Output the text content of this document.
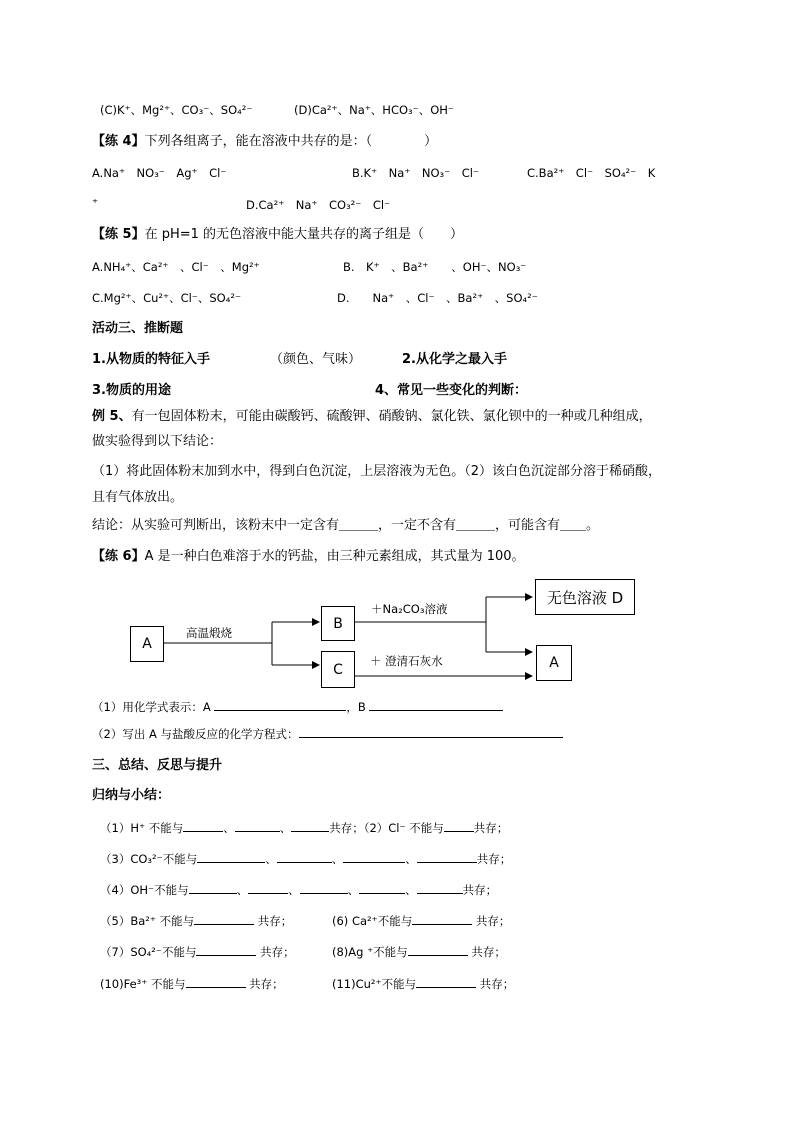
(C)K⁺、Mg²⁺、CO₃⁻、SO₄²⁻	(D)Ca²⁺、Na⁺、HCO₃⁻、OH⁻
【练 4】下列各组离子，能在溶液中共存的是：（　　　　）
A.Na⁺　NO₃⁻　Ag⁺　Cl⁻	B.K⁺　Na⁺　NO₃⁻　Cl⁻	C.Ba²⁺　Cl⁻　SO₄²⁻　K
⁺	D.Ca²⁺　Na⁺　CO₃²⁻　Cl⁻
【练 5】在 pH=1 的无色溶液中能大量共存的离子组是（　　）
A.NH₄⁺、Ca²⁺　、Cl⁻　、Mg²⁺	B.　K⁺　、Ba²⁺　　、OH⁻、NO₃⁻
C.Mg²⁺、Cu²⁺、Cl⁻、SO₄²⁻	D.　　Na⁺　、Cl⁻　、Ba²⁺　、SO₄²⁻
活动三、推断题
1.从物质的特征入手	（颜色、气味）	2.从化学之最入手
3.物质的用途	4、常见一些变化的判断：
例 5、有一包固体粉末，可能由碳酸钙、硫酸钾、硝酸钠、氯化铁、氯化钡中的一种或几种组成，
做实验得到以下结论：
（1）将此固体粉末加到水中，得到白色沉淀，上层溶液为无色。（2）该白色沉淀部分溶于稀硝酸，
且有气体放出。
结论：从实验可判断出，该粉末中一定含有＿＿＿，一定不含有＿＿＿，可能含有＿＿。
【练 6】A 是一种白色难溶于水的钙盐，由三种元素组成，其式量为 100。
A
B
C
无色溶液 D
A
高温煅烧
＋Na₂CO₃溶液
＋ 澄清石灰水
（1）用化学式表示：A	，B
（2）写出 A 与盐酸反应的化学方程式：
三、总结、反思与提升
归纳与小结：
（1）H⁺ 不能与	、	、	共存；（2）Cl⁻ 不能与	共存；
（3）CO₃²⁻不能与	、	、	、	共存；
（4）OH⁻不能与	、	、	、	、	共存；
（5）Ba²⁺ 不能与	共存；	(6) Ca²⁺不能与	共存；
（7）SO₄²⁻不能与	共存；	(8)Ag ⁺不能与	共存；
(10)Fe³⁺ 不能与	共存；	(11)Cu²⁺不能与	共存；
